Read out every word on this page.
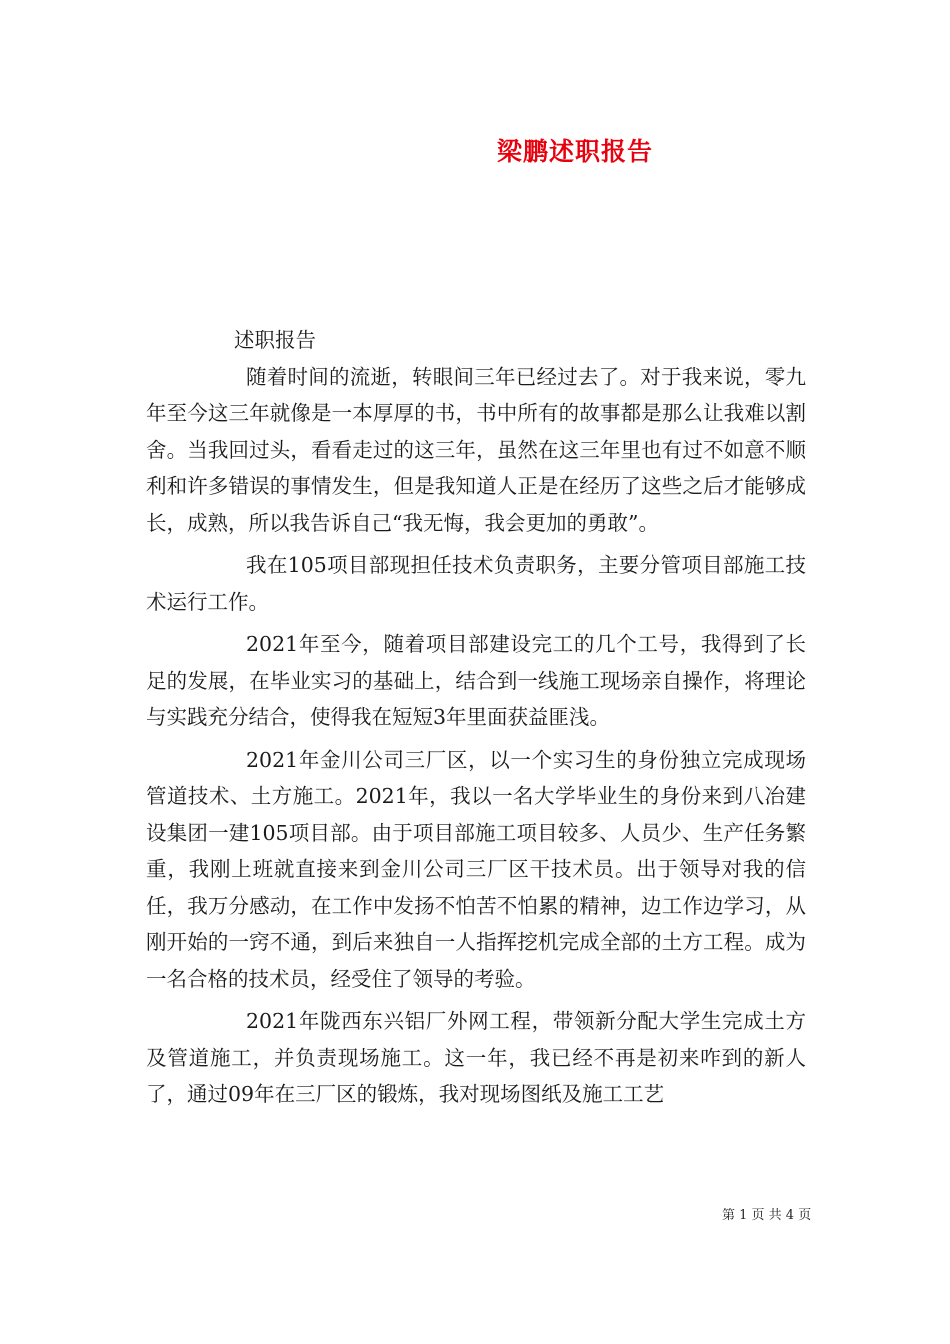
梁鹏述职报告

述职报告

随着时间的流逝，转眼间三年已经过去了。对于我来说，零九年至今这三年就像是一本厚厚的书，书中所有的故事都是那么让我难以割舍。当我回过头，看看走过的这三年，虽然在这三年里也有过不如意不顺利和许多错误的事情发生，但是我知道人正是在经历了这些之后才能够成长，成熟，所以我告诉自己“我无悔，我会更加的勇敢”。

我在105项目部现担任技术负责职务，主要分管项目部施工技术运行工作。

2021年至今，随着项目部建设完工的几个工号，我得到了长足的发展，在毕业实习的基础上，结合到一线施工现场亲自操作，将理论与实践充分结合，使得我在短短3年里面获益匪浅。

2021年金川公司三厂区，以一个实习生的身份独立完成现场管道技术、土方施工。2021年，我以一名大学毕业生的身份来到八冶建设集团一建105项目部。由于项目部施工项目较多、人员少、生产任务繁重，我刚上班就直接来到金川公司三厂区干技术员。出于领导对我的信任，我万分感动，在工作中发扬不怕苦不怕累的精神，边工作边学习，从刚开始的一窍不通，到后来独自一人指挥挖机完成全部的土方工程。成为一名合格的技术员，经受住了领导的考验。

2021年陇西东兴铝厂外网工程，带领新分配大学生完成土方及管道施工，并负责现场施工。这一年，我已经不再是初来咋到的新人了，通过09年在三厂区的锻炼，我对现场图纸及施工工艺

第 1 页 共 4 页
